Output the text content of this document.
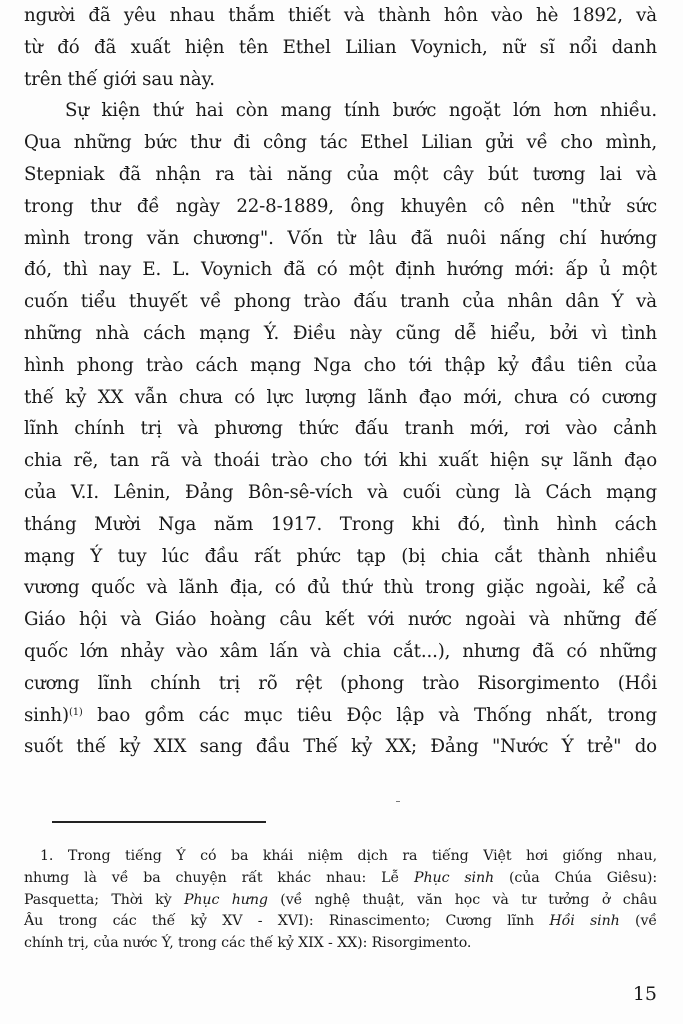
người đã yêu nhau thắm thiết và thành hôn vào hè 1892, và
từ đó đã xuất hiện tên Ethel Lilian Voynich, nữ sĩ nổi danh
trên thế giới sau này.
Sự kiện thứ hai còn mang tính bước ngoặt lớn hơn nhiều.
Qua những bức thư đi công tác Ethel Lilian gửi về cho mình,
Stepniak đã nhận ra tài năng của một cây bút tương lai và
trong thư đề ngày 22-8-1889, ông khuyên cô nên "thử sức
mình trong văn chương". Vốn từ lâu đã nuôi nấng chí hướng
đó, thì nay E. L. Voynich đã có một định hướng mới: ấp ủ một
cuốn tiểu thuyết về phong trào đấu tranh của nhân dân Ý và
những nhà cách mạng Ý. Điều này cũng dễ hiểu, bởi vì tình
hình phong trào cách mạng Nga cho tới thập kỷ đầu tiên của
thế kỷ XX vẫn chưa có lực lượng lãnh đạo mới, chưa có cương
lĩnh chính trị và phương thức đấu tranh mới, rơi vào cảnh
chia rẽ, tan rã và thoái trào cho tới khi xuất hiện sự lãnh đạo
của V.I. Lênin, Đảng Bôn-sê-vích và cuối cùng là Cách mạng
tháng Mười Nga năm 1917. Trong khi đó, tình hình cách
mạng Ý tuy lúc đầu rất phức tạp (bị chia cắt thành nhiều
vương quốc và lãnh địa, có đủ thứ thù trong giặc ngoài, kể cả
Giáo hội và Giáo hoàng câu kết với nước ngoài và những đế
quốc lớn nhảy vào xâm lấn và chia cắt...), nhưng đã có những
cương lĩnh chính trị rõ rệt (phong trào Risorgimento (Hồi
sinh)$^{(1)}$ bao gồm các mục tiêu Độc lập và Thống nhất, trong
suốt thế kỷ XIX sang đầu Thế kỷ XX; Đảng "Nước Ý trẻ" do
1. Trong tiếng Ý có ba khái niệm dịch ra tiếng Việt hơi giống nhau,
nhưng là về ba chuyện rất khác nhau: Lễ Phục sinh (của Chúa Giêsu):
Pasquetta; Thời kỳ Phục hưng (về nghệ thuật, văn học và tư tưởng ở châu
Âu trong các thế kỷ XV - XVI): Rinascimento; Cương lĩnh Hồi sinh (về
chính trị, của nước Ý, trong các thế kỷ XIX - XX): Risorgimento.
15
